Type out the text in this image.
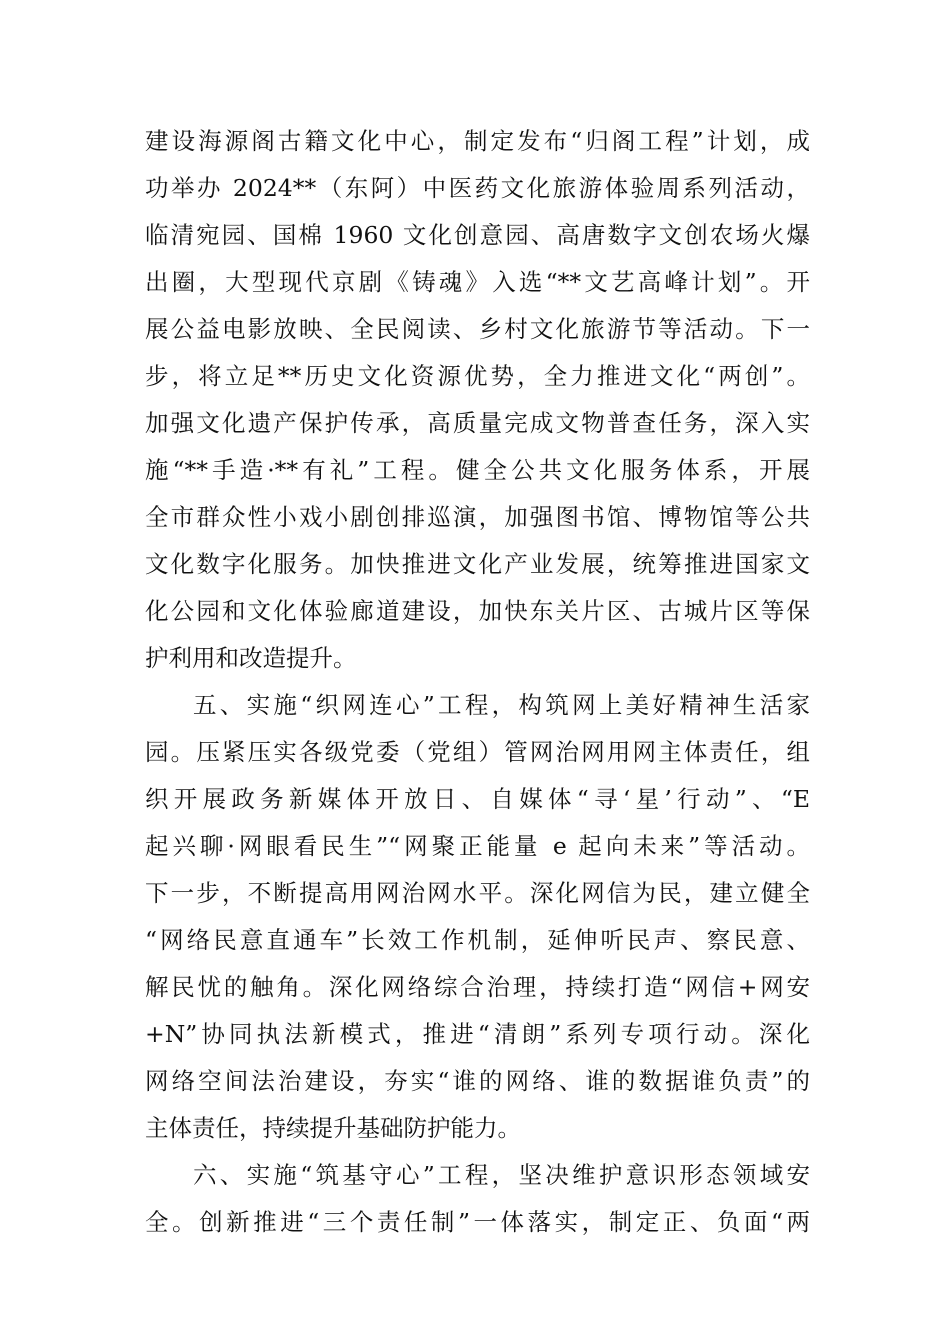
建设海源阁古籍文化中心，制定发布“归阁工程”计划，成
功举办 2024**（东阿）中医药文化旅游体验周系列活动，
临清宛园、国棉 1960 文化创意园、高唐数字文创农场火爆
出圈，大型现代京剧《铸魂》入选“**文艺高峰计划”。开
展公益电影放映、全民阅读、乡村文化旅游节等活动。下一
步，将立足**历史文化资源优势，全力推进文化“两创”。
加强文化遗产保护传承，高质量完成文物普查任务，深入实
施“**手造·**有礼”工程。健全公共文化服务体系，开展
全市群众性小戏小剧创排巡演，加强图书馆、博物馆等公共
文化数字化服务。加快推进文化产业发展，统筹推进国家文
化公园和文化体验廊道建设，加快东关片区、古城片区等保
护利用和改造提升。
五、实施“织网连心”工程，构筑网上美好精神生活家
园。压紧压实各级党委（党组）管网治网用网主体责任，组
织开展政务新媒体开放日、自媒体“寻‘星’行动”、“E
起兴聊·网眼看民生”“网聚正能量 e 起向未来”等活动。
下一步，不断提高用网治网水平。深化网信为民，建立健全
“网络民意直通车”长效工作机制，延伸听民声、察民意、
解民忧的触角。深化网络综合治理，持续打造“网信+网安
+N”协同执法新模式，推进“清朗”系列专项行动。深化
网络空间法治建设，夯实“谁的网络、谁的数据谁负责”的
主体责任，持续提升基础防护能力。
六、实施“筑基守心”工程，坚决维护意识形态领域安
全。创新推进“三个责任制”一体落实，制定正、负面“两
